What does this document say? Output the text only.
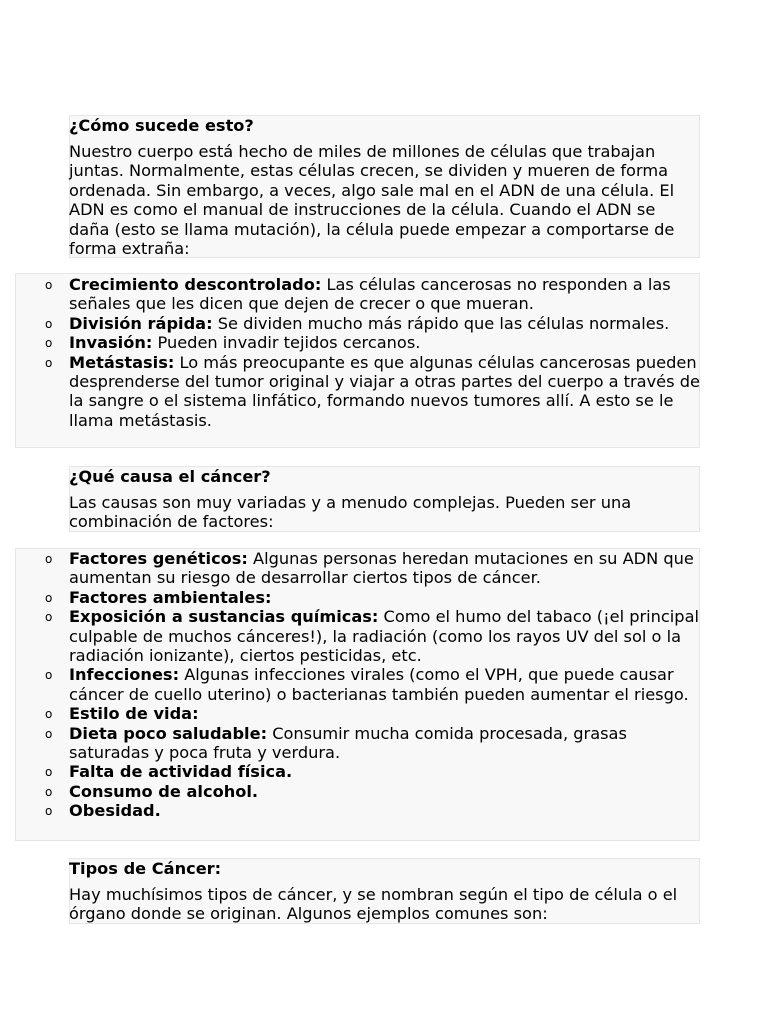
¿Cómo sucede esto?

Nuestro cuerpo está hecho de miles de millones de células que trabajan juntas. Normalmente, estas células crecen, se dividen y mueren de forma ordenada. Sin embargo, a veces, algo sale mal en el ADN de una célula. El ADN es como el manual de instrucciones de la célula. Cuando el ADN se daña (esto se llama mutación), la célula puede empezar a comportarse de forma extraña:

o Crecimiento descontrolado: Las células cancerosas no responden a las señales que les dicen que dejen de crecer o que mueran.
o División rápida: Se dividen mucho más rápido que las células normales.
o Invasión: Pueden invadir tejidos cercanos.
o Metástasis: Lo más preocupante es que algunas células cancerosas pueden desprenderse del tumor original y viajar a otras partes del cuerpo a través de la sangre o el sistema linfático, formando nuevos tumores allí. A esto se le llama metástasis.
¿Qué causa el cáncer?

Las causas son muy variadas y a menudo complejas. Pueden ser una combinación de factores:

o Factores genéticos: Algunas personas heredan mutaciones en su ADN que aumentan su riesgo de desarrollar ciertos tipos de cáncer.
o Factores ambientales:
o Exposición a sustancias químicas: Como el humo del tabaco (¡el principal culpable de muchos cánceres!), la radiación (como los rayos UV del sol o la radiación ionizante), ciertos pesticidas, etc.
o Infecciones: Algunas infecciones virales (como el VPH, que puede causar cáncer de cuello uterino) o bacterianas también pueden aumentar el riesgo.
o Estilo de vida:
o Dieta poco saludable: Consumir mucha comida procesada, grasas saturadas y poca fruta y verdura.
o Falta de actividad física.
o Consumo de alcohol.
o Obesidad.
Tipos de Cáncer:

Hay muchísimos tipos de cáncer, y se nombran según el tipo de célula o el órgano donde se originan. Algunos ejemplos comunes son:
